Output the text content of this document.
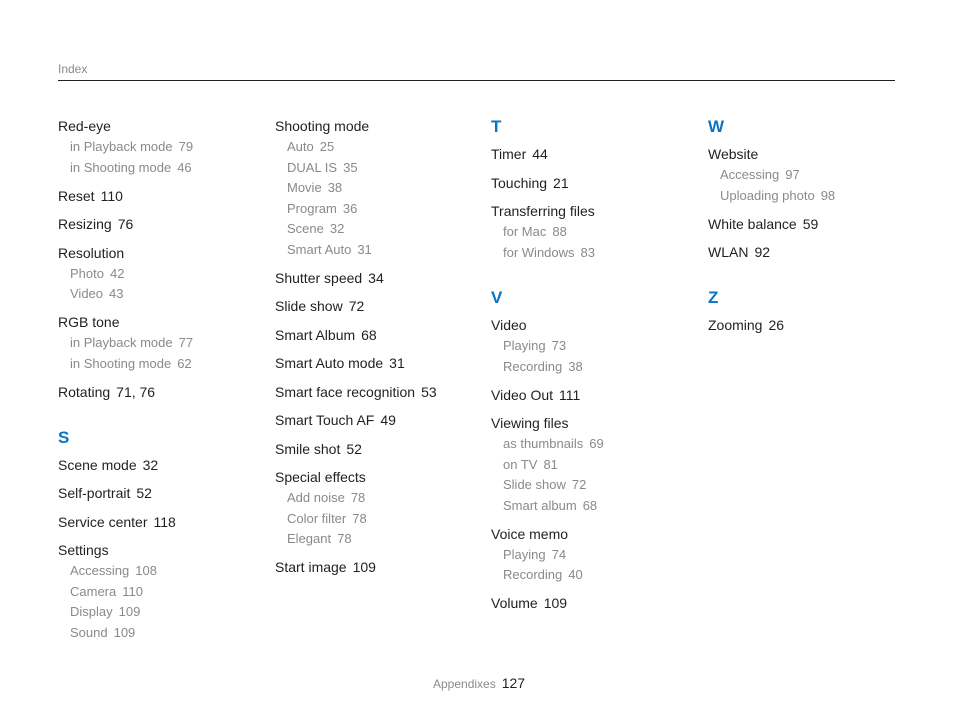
Index
Red-eye
in Playback mode 79
in Shooting mode 46
Reset 110
Resizing 76
Resolution
Photo 42
Video 43
RGB tone
in Playback mode 77
in Shooting mode 62
Rotating 71, 76
S
Scene mode 32
Self-portrait 52
Service center 118
Settings
Accessing 108
Camera 110
Display 109
Sound 109
Shooting mode
Auto 25
DUAL IS 35
Movie 38
Program 36
Scene 32
Smart Auto 31
Shutter speed 34
Slide show 72
Smart Album 68
Smart Auto mode 31
Smart face recognition 53
Smart Touch AF 49
Smile shot 52
Special effects
Add noise 78
Color filter 78
Elegant 78
Start image 109
T
Timer 44
Touching 21
Transferring files
for Mac 88
for Windows 83
V
Video
Playing 73
Recording 38
Video Out 111
Viewing files
as thumbnails 69
on TV 81
Slide show 72
Smart album 68
Voice memo
Playing 74
Recording 40
Volume 109
W
Website
Accessing 97
Uploading photo 98
White balance 59
WLAN 92
Z
Zooming 26
Appendixes 127
